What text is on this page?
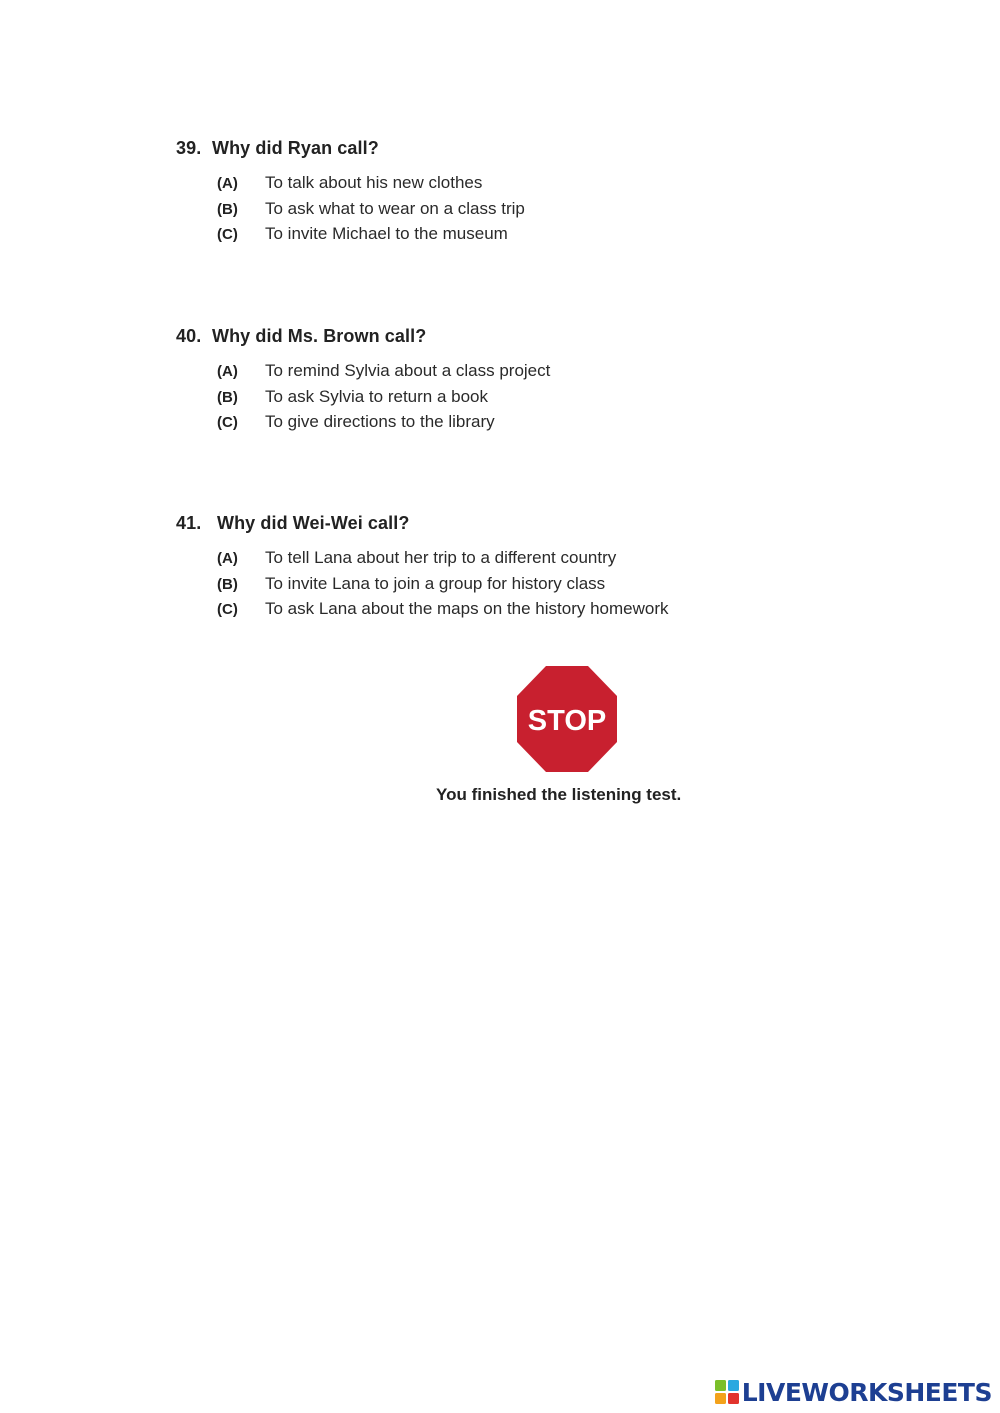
39. Why did Ryan call?
(A)	To talk about his new clothes
(B)	To ask what to wear on a class trip
(C)	To invite Michael to the museum
40. Why did Ms. Brown call?
(A)	To remind Sylvia about a class project
(B)	To ask Sylvia to return a book
(C)	To give directions to the library
41. Why did Wei-Wei call?
(A)	To tell Lana about her trip to a different country
(B)	To invite Lana to join a group for history class
(C)	To ask Lana about the maps on the history homework
STOP
You finished the listening test.
LIVEWORKSHEETS
